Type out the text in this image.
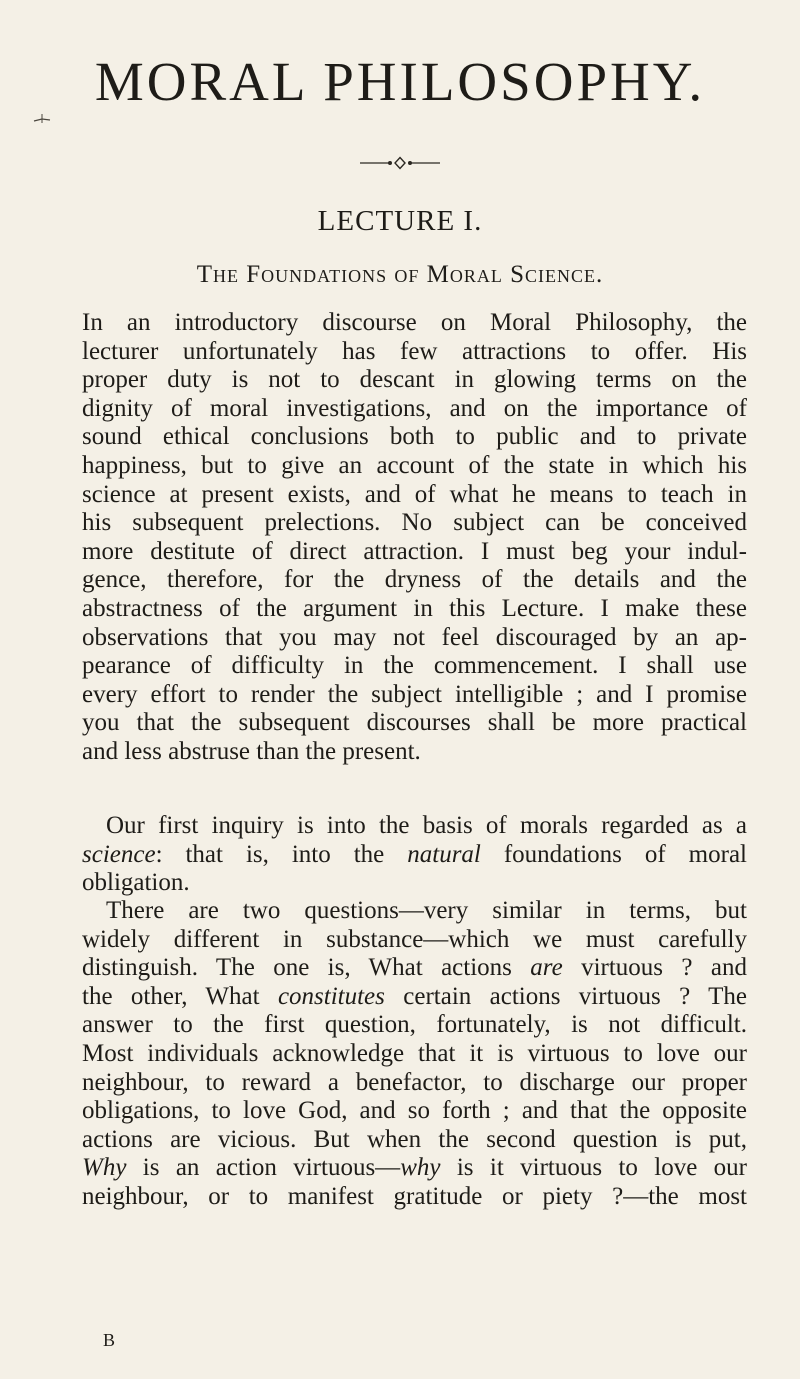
MORAL PHILOSOPHY.
LECTURE I.
The Foundations of Moral Science.
In an introductory discourse on Moral Philosophy, the
lecturer unfortunately has few attractions to offer. His
proper duty is not to descant in glowing terms on the
dignity of moral investigations, and on the importance of
sound ethical conclusions both to public and to private
happiness, but to give an account of the state in which his
science at present exists, and of what he means to teach in
his subsequent prelections. No subject can be conceived
more destitute of direct attraction. I must beg your indul-
gence, therefore, for the dryness of the details and the
abstractness of the argument in this Lecture. I make these
observations that you may not feel discouraged by an ap-
pearance of difficulty in the commencement. I shall use
every effort to render the subject intelligible ; and I promise
you that the subsequent discourses shall be more practical
and less abstruse than the present.
Our first inquiry is into the basis of morals regarded as a
science: that is, into the natural foundations of moral
obligation.
There are two questions—very similar in terms, but
widely different in substance—which we must carefully
distinguish. The one is, What actions are virtuous ? and
the other, What constitutes certain actions virtuous ? The
answer to the first question, fortunately, is not difficult.
Most individuals acknowledge that it is virtuous to love our
neighbour, to reward a benefactor, to discharge our proper
obligations, to love God, and so forth ; and that the opposite
actions are vicious. But when the second question is put,
Why is an action virtuous—why is it virtuous to love our
neighbour, or to manifest gratitude or piety ?—the most

B
